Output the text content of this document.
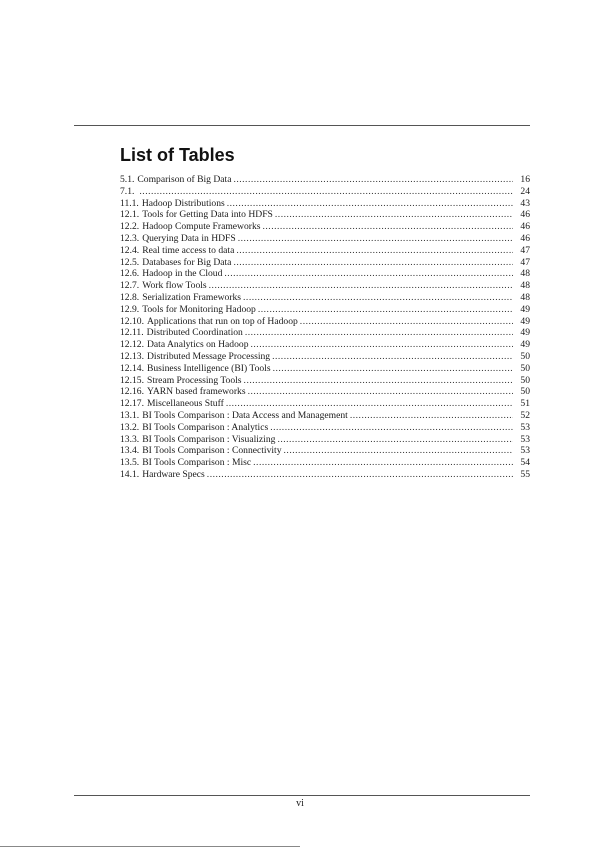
List of Tables
5.1. Comparison of Big Data .....	16
7.1. .....	24
11.1. Hadoop Distributions .....	43
12.1. Tools for Getting Data into HDFS .....	46
12.2. Hadoop Compute Frameworks .....	46
12.3. Querying Data in HDFS .....	46
12.4. Real time access to data .....	47
12.5. Databases for Big Data .....	47
12.6. Hadoop in the Cloud .....	48
12.7. Work flow Tools .....	48
12.8. Serialization Frameworks .....	48
12.9. Tools for Monitoring Hadoop .....	49
12.10. Applications that run on top of Hadoop .....	49
12.11. Distributed Coordination .....	49
12.12. Data Analytics on Hadoop .....	49
12.13. Distributed Message Processing .....	50
12.14. Business Intelligence (BI) Tools .....	50
12.15. Stream Processing Tools .....	50
12.16. YARN based frameworks .....	50
12.17. Miscellaneous Stuff .....	51
13.1. BI Tools Comparison : Data Access and Management .....	52
13.2. BI Tools Comparison : Analytics .....	53
13.3. BI Tools Comparison : Visualizing .....	53
13.4. BI Tools Comparison : Connectivity .....	53
13.5. BI Tools Comparison : Misc .....	54
14.1. Hardware Specs .....	55
vi
